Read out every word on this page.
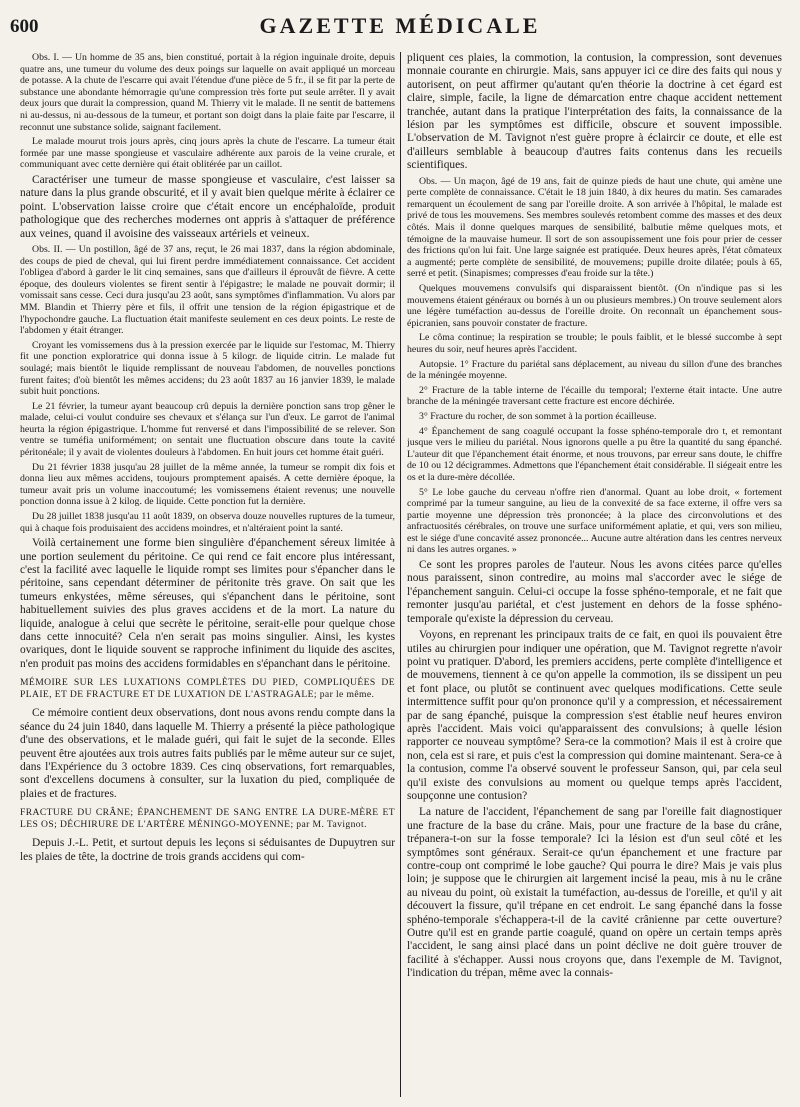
600	GAZETTE MÉDICALE

Obs. I. — Un homme de 35 ans, bien constitué, portait à la région inguinale droite, depuis quatre ans, une tumeur du volume des deux poings sur laquelle on avait appliqué un morceau de potasse. A la chute de l'escarre qui avait l'étendue d'une pièce de 5 fr., il se fit par la perte de substance une abondante hémorragie qu'une compression très forte put seule arrêter. Il y avait deux jours que durait la compression, quand M. Thierry vit le malade. Il ne sentit de battemens ni au-dessus, ni au-dessous de la tumeur, et portant son doigt dans la plaie faite par l'escarre, il reconnut une substance solide, saignant facilement.

Le malade mourut trois jours après, cinq jours après la chute de l'escarre. La tumeur était formée par une masse spongieuse et vasculaire adhérente aux parois de la veine crurale, et communiquant avec cette dernière qui était oblitérée par un caillot.

Caractériser une tumeur de masse spongieuse et vasculaire, c'est laisser sa nature dans la plus grande obscurité, et il y avait bien quelque mérite à éclairer ce point. L'observation laisse croire que c'était encore un encéphaloïde, produit pathologique que des recherches modernes ont appris à s'attaquer de préférence aux veines, quand il avoisine des vaisseaux artériels et veineux.

Obs. II. — Un postillon, âgé de 37 ans, reçut, le 26 mai 1837, dans la région abdominale, des coups de pied de cheval, qui lui firent perdre immédiatement connaissance. Cet accident l'obligea d'abord à garder le lit cinq semaines, sans que d'ailleurs il éprouvât de fièvre. A cette époque, des douleurs violentes se firent sentir à l'épigastre; le malade ne pouvait dormir; il vomissait sans cesse. Ceci dura jusqu'au 23 août, sans symptômes d'inflammation. Vu alors par MM. Blandin et Thierry père et fils, il offrit une tension de la région épigastrique et de l'hypochondre gauche. La fluctuation était manifeste seulement en ces deux points. Le reste de l'abdomen y était étranger.

Croyant les vomissemens dus à la pression exercée par le liquide sur l'estomac, M. Thierry fit une ponction exploratrice qui donna issue à 5 kilogr. de liquide citrin. Le malade fut soulagé; mais bientôt le liquide remplissant de nouveau l'abdomen, de nouvelles ponctions furent faites; d'où bientôt les mêmes accidens; du 23 août 1837 au 16 janvier 1839, le malade subit huit ponctions.

Le 21 février, la tumeur ayant beaucoup crû depuis la dernière ponction sans trop gêner le malade, celui-ci voulut conduire ses chevaux et s'élança sur l'un d'eux. Le garrot de l'animal heurta la région épigastrique. L'homme fut renversé et dans l'impossibilité de se relever. Son ventre se tuméfia uniformément; on sentait une fluctuation obscure dans toute la cavité péritonéale; il y avait de violentes douleurs à l'abdomen. En huit jours cet homme était guéri.

Du 21 février 1838 jusqu'au 28 juillet de la même année, la tumeur se rompit dix fois et donna lieu aux mêmes accidens, toujours promptement apaisés. A cette dernière époque, la tumeur avait pris un volume inaccoutumé; les vomissemens étaient revenus; une nouvelle ponction donna issue à 2 kilog. de liquide. Cette ponction fut la dernière.

Du 28 juillet 1838 jusqu'au 11 août 1839, on observa douze nouvelles ruptures de la tumeur, qui à chaque fois produisaient des accidens moindres, et n'altéraient point la santé.

Voilà certainement une forme bien singulière d'épanchement séreux limitée à une portion seulement du péritoine. Ce qui rend ce fait encore plus intéressant, c'est la facilité avec laquelle le liquide rompt ses limites pour s'épancher dans le péritoine, sans cependant déterminer de péritonite très grave. On sait que les tumeurs enkystées, même séreuses, qui s'épanchent dans le péritoine, sont habituellement suivies des plus graves accidens et de la mort. La nature du liquide, analogue à celui que secrète le péritoine, serait-elle pour quelque chose dans cette innocuité? Cela n'en serait pas moins singulier. Ainsi, les kystes ovariques, dont le liquide souvent se rapproche infiniment du liquide des ascites, n'en produit pas moins des accidens formidables en s'épanchant dans le péritoine.

MÉMOIRE SUR LES LUXATIONS COMPLÈTES DU PIED, COMPLIQUÉES DE PLAIE, ET DE FRACTURE ET DE LUXATION DE L'ASTRAGALE; par le même.

Ce mémoire contient deux observations, dont nous avons rendu compte dans la séance du 24 juin 1840, dans laquelle M. Thierry a présenté la pièce pathologique d'une des observations, et le malade guéri, qui fait le sujet de la seconde. Elles peuvent être ajoutées aux trois autres faits publiés par le même auteur sur ce sujet, dans l'Expérience du 3 octobre 1839. Ces cinq observations, fort remarquables, sont d'excellens documens à consulter, sur la luxation du pied, compliquée de plaies et de fractures.

FRACTURE DU CRÂNE; ÉPANCHEMENT DE SANG ENTRE LA DURE-MÈRE ET LES OS; DÉCHIRURE DE L'ARTÈRE MÉNINGO-MOYENNE; par M. Tavignot.

Depuis J.-L. Petit, et surtout depuis les leçons si séduisantes de Dupuytren sur les plaies de tête, la doctrine de trois grands accidens qui com-

pliquent ces plaies, la commotion, la contusion, la compression, sont devenues monnaie courante en chirurgie. Mais, sans appuyer ici ce dire des faits qui nous y autorisent, on peut affirmer qu'autant qu'en théorie la doctrine à cet égard est claire, simple, facile, la ligne de démarcation entre chaque accident nettement tranchée, autant dans la pratique l'interprétation des faits, la connaissance de la lésion par les symptômes est difficile, obscure et souvent impossible. L'observation de M. Tavignot n'est guère propre à éclaircir ce doute, et elle est d'ailleurs semblable à beaucoup d'autres faits contenus dans les recueils scientifiques.

Obs. — Un maçon, âgé de 19 ans, fait de quinze pieds de haut une chute, qui amène une perte complète de connaissance. C'était le 18 juin 1840, à dix heures du matin. Ses camarades remarquent un écoulement de sang par l'oreille droite. A son arrivée à l'hôpital, le malade est privé de tous les mouvemens. Ses membres soulevés retombent comme des masses et des deux côtés. Mais il donne quelques marques de sensibilité, balbutie même quelques mots, et témoigne de la mauvaise humeur. Il sort de son assoupissement une fois pour prier de cesser des frictions qu'on lui fait. Une large saignée est pratiquée. Deux heures après, l'état cômateux a augmenté; perte complète de sensibilité, de mouvemens; pupille droite dilatée; pouls à 65, serré et petit. (Sinapismes; compresses d'eau froide sur la tête.)

Quelques mouvemens convulsifs qui disparaissent bientôt. (On n'indique pas si les mouvemens étaient généraux ou bornés à un ou plusieurs membres.) On trouve seulement alors une légère tuméfaction au-dessus de l'oreille droite. On reconnaît un épanchement sous-épicranien, sans pouvoir constater de fracture.

Le côma continue; la respiration se trouble; le pouls faiblit, et le blessé succombe à sept heures du soir, neuf heures après l'accident.

Autopsie. 1° Fracture du pariétal sans déplacement, au niveau du sillon d'une des branches de la méningée moyenne.

2° Fracture de la table interne de l'écaille du temporal; l'externe était intacte. Une autre branche de la méningée traversant cette fracture est encore déchirée.

3° Fracture du rocher, de son sommet à la portion écailleuse.

4° Épanchement de sang coagulé occupant la fosse sphéno-temporale dro t, et remontant jusque vers le milieu du pariétal. Nous ignorons quelle a pu être la quantité du sang épanché. L'auteur dit que l'épanchement était énorme, et nous trouvons, par erreur sans doute, le chiffre de 10 ou 12 décigrammes. Admettons que l'épanchement était considérable. Il siégeait entre les os et la dure-mère décollée.

5° Le lobe gauche du cerveau n'offre rien d'anormal. Quant au lobe droit, « fortement comprimé par la tumeur sanguine, au lieu de la convexité de sa face externe, il offre vers sa partie moyenne une dépression très prononcée; à la place des circonvolutions et des anfractuosités cérébrales, on trouve une surface uniformément aplatie, et qui, vers son milieu, est le siége d'une concavité assez prononcée... Aucune autre altération dans les centres nerveux ni dans les autres organes. »

Ce sont les propres paroles de l'auteur. Nous les avons citées parce qu'elles nous paraissent, sinon contredire, au moins mal s'accorder avec le siége de l'épanchement sanguin. Celui-ci occupe la fosse sphéno-temporale, et ne fait que remonter jusqu'au pariétal, et c'est justement en dehors de la fosse sphéno-temporale qu'existe la dépression du cerveau.

Voyons, en reprenant les principaux traits de ce fait, en quoi ils pouvaient être utiles au chirurgien pour indiquer une opération, que M. Tavignot regrette n'avoir point vu pratiquer. D'abord, les premiers accidens, perte complète d'intelligence et de mouvemens, tiennent à ce qu'on appelle la commotion, ils se dissipent un peu et font place, ou plutôt se continuent avec quelques modifications. Cette seule intermittence suffit pour qu'on prononce qu'il y a compression, et nécessairement par de sang épanché, puisque la compression s'est établie neuf heures environ après l'accident. Mais voici qu'apparaissent des convulsions; à quelle lésion rapporter ce nouveau symptôme? Sera-ce la commotion? Mais il est à croire que non, cela est si rare, et puis c'est la compression qui domine maintenant. Sera-ce à la contusion, comme l'a observé souvent le professeur Sanson, qui, par cela seul qu'il existe des convulsions au moment ou quelque temps après l'accident, soupçonne une contusion?

La nature de l'accident, l'épanchement de sang par l'oreille fait diagnostiquer une fracture de la base du crâne. Mais, pour une fracture de la base du crâne, trépanera-t-on sur la fosse temporale? Ici la lésion est d'un seul côté et les symptômes sont généraux. Serait-ce qu'un épanchement et une fracture par contre-coup ont comprimé le lobe gauche? Qui pourra le dire? Mais je vais plus loin; je suppose que le chirurgien ait largement incisé la peau, mis à nu le crâne au niveau du point, où existait la tuméfaction, au-dessus de l'oreille, et qu'il y ait découvert la fissure, qu'il trépane en cet endroit. Le sang épanché dans la fosse sphéno-temporale s'échappera-t-il de la cavité crânienne par cette ouverture? Outre qu'il est en grande partie coagulé, quand on opère un certain temps après l'accident, le sang ainsi placé dans un point déclive ne doit guère trouver de facilité à s'échapper. Aussi nous croyons que, dans l'exemple de M. Tavignot, l'indication du trépan, même avec la connais-
